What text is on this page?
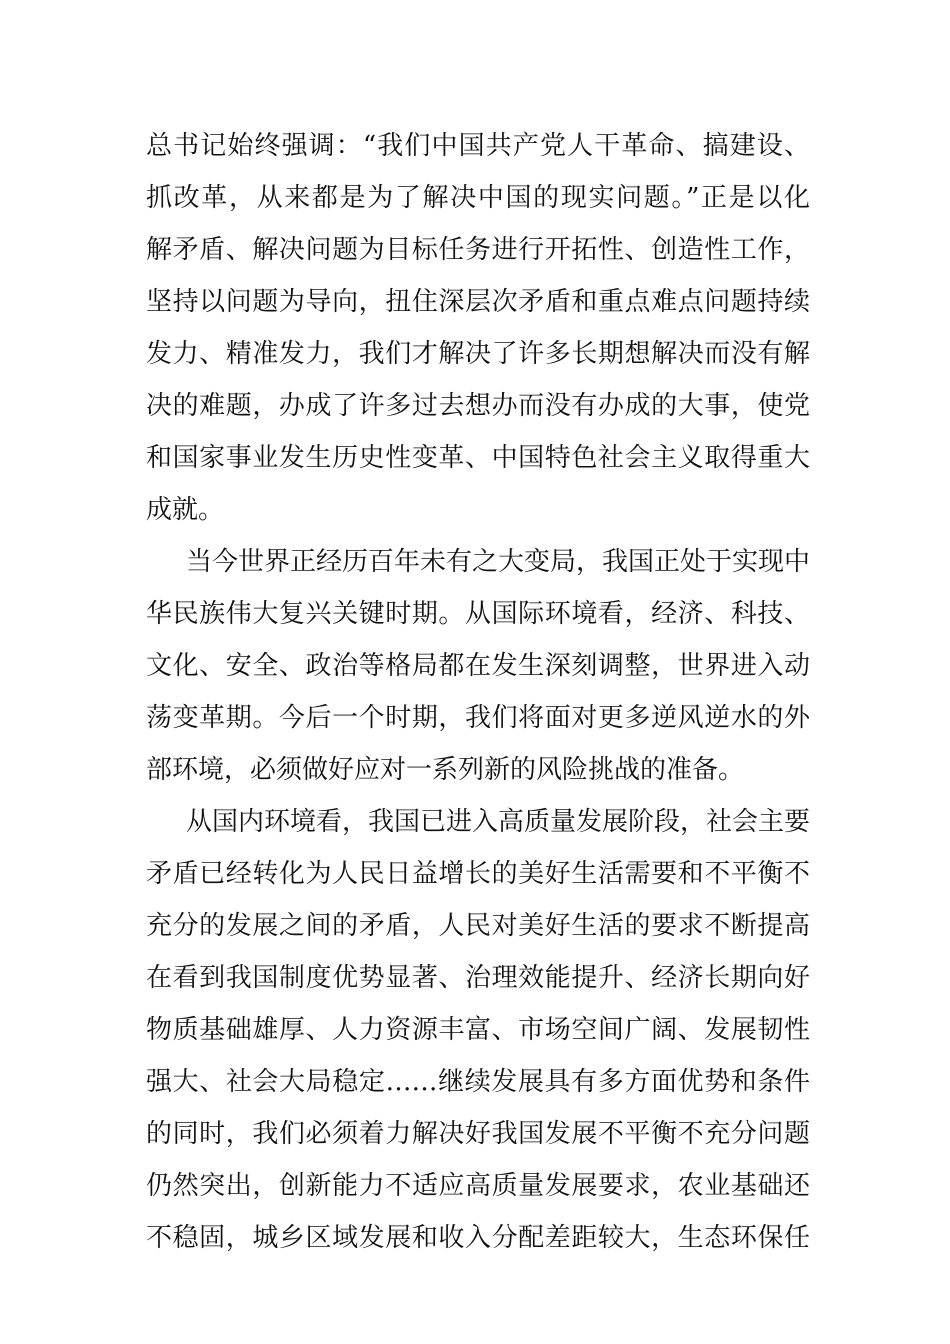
总书记始终强调：“我们中国共产党人干革命、搞建设、
抓改革，从来都是为了解决中国的现实问题。”正是以化
解矛盾、解决问题为目标任务进行开拓性、创造性工作，
坚持以问题为导向，扭住深层次矛盾和重点难点问题持续
发力、精准发力，我们才解决了许多长期想解决而没有解
决的难题，办成了许多过去想办而没有办成的大事，使党
和国家事业发生历史性变革、中国特色社会主义取得重大
成就。
当今世界正经历百年未有之大变局，我国正处于实现中
华民族伟大复兴关键时期。从国际环境看，经济、科技、
文化、安全、政治等格局都在发生深刻调整，世界进入动
荡变革期。今后一个时期，我们将面对更多逆风逆水的外
部环境，必须做好应对一系列新的风险挑战的准备。
从国内环境看，我国已进入高质量发展阶段，社会主要
矛盾已经转化为人民日益增长的美好生活需要和不平衡不
充分的发展之间的矛盾，人民对美好生活的要求不断提高
在看到我国制度优势显著、治理效能提升、经济长期向好
物质基础雄厚、人力资源丰富、市场空间广阔、发展韧性
强大、社会大局稳定……继续发展具有多方面优势和条件
的同时，我们必须着力解决好我国发展不平衡不充分问题
仍然突出，创新能力不适应高质量发展要求，农业基础还
不稳固，城乡区域发展和收入分配差距较大，生态环保任
